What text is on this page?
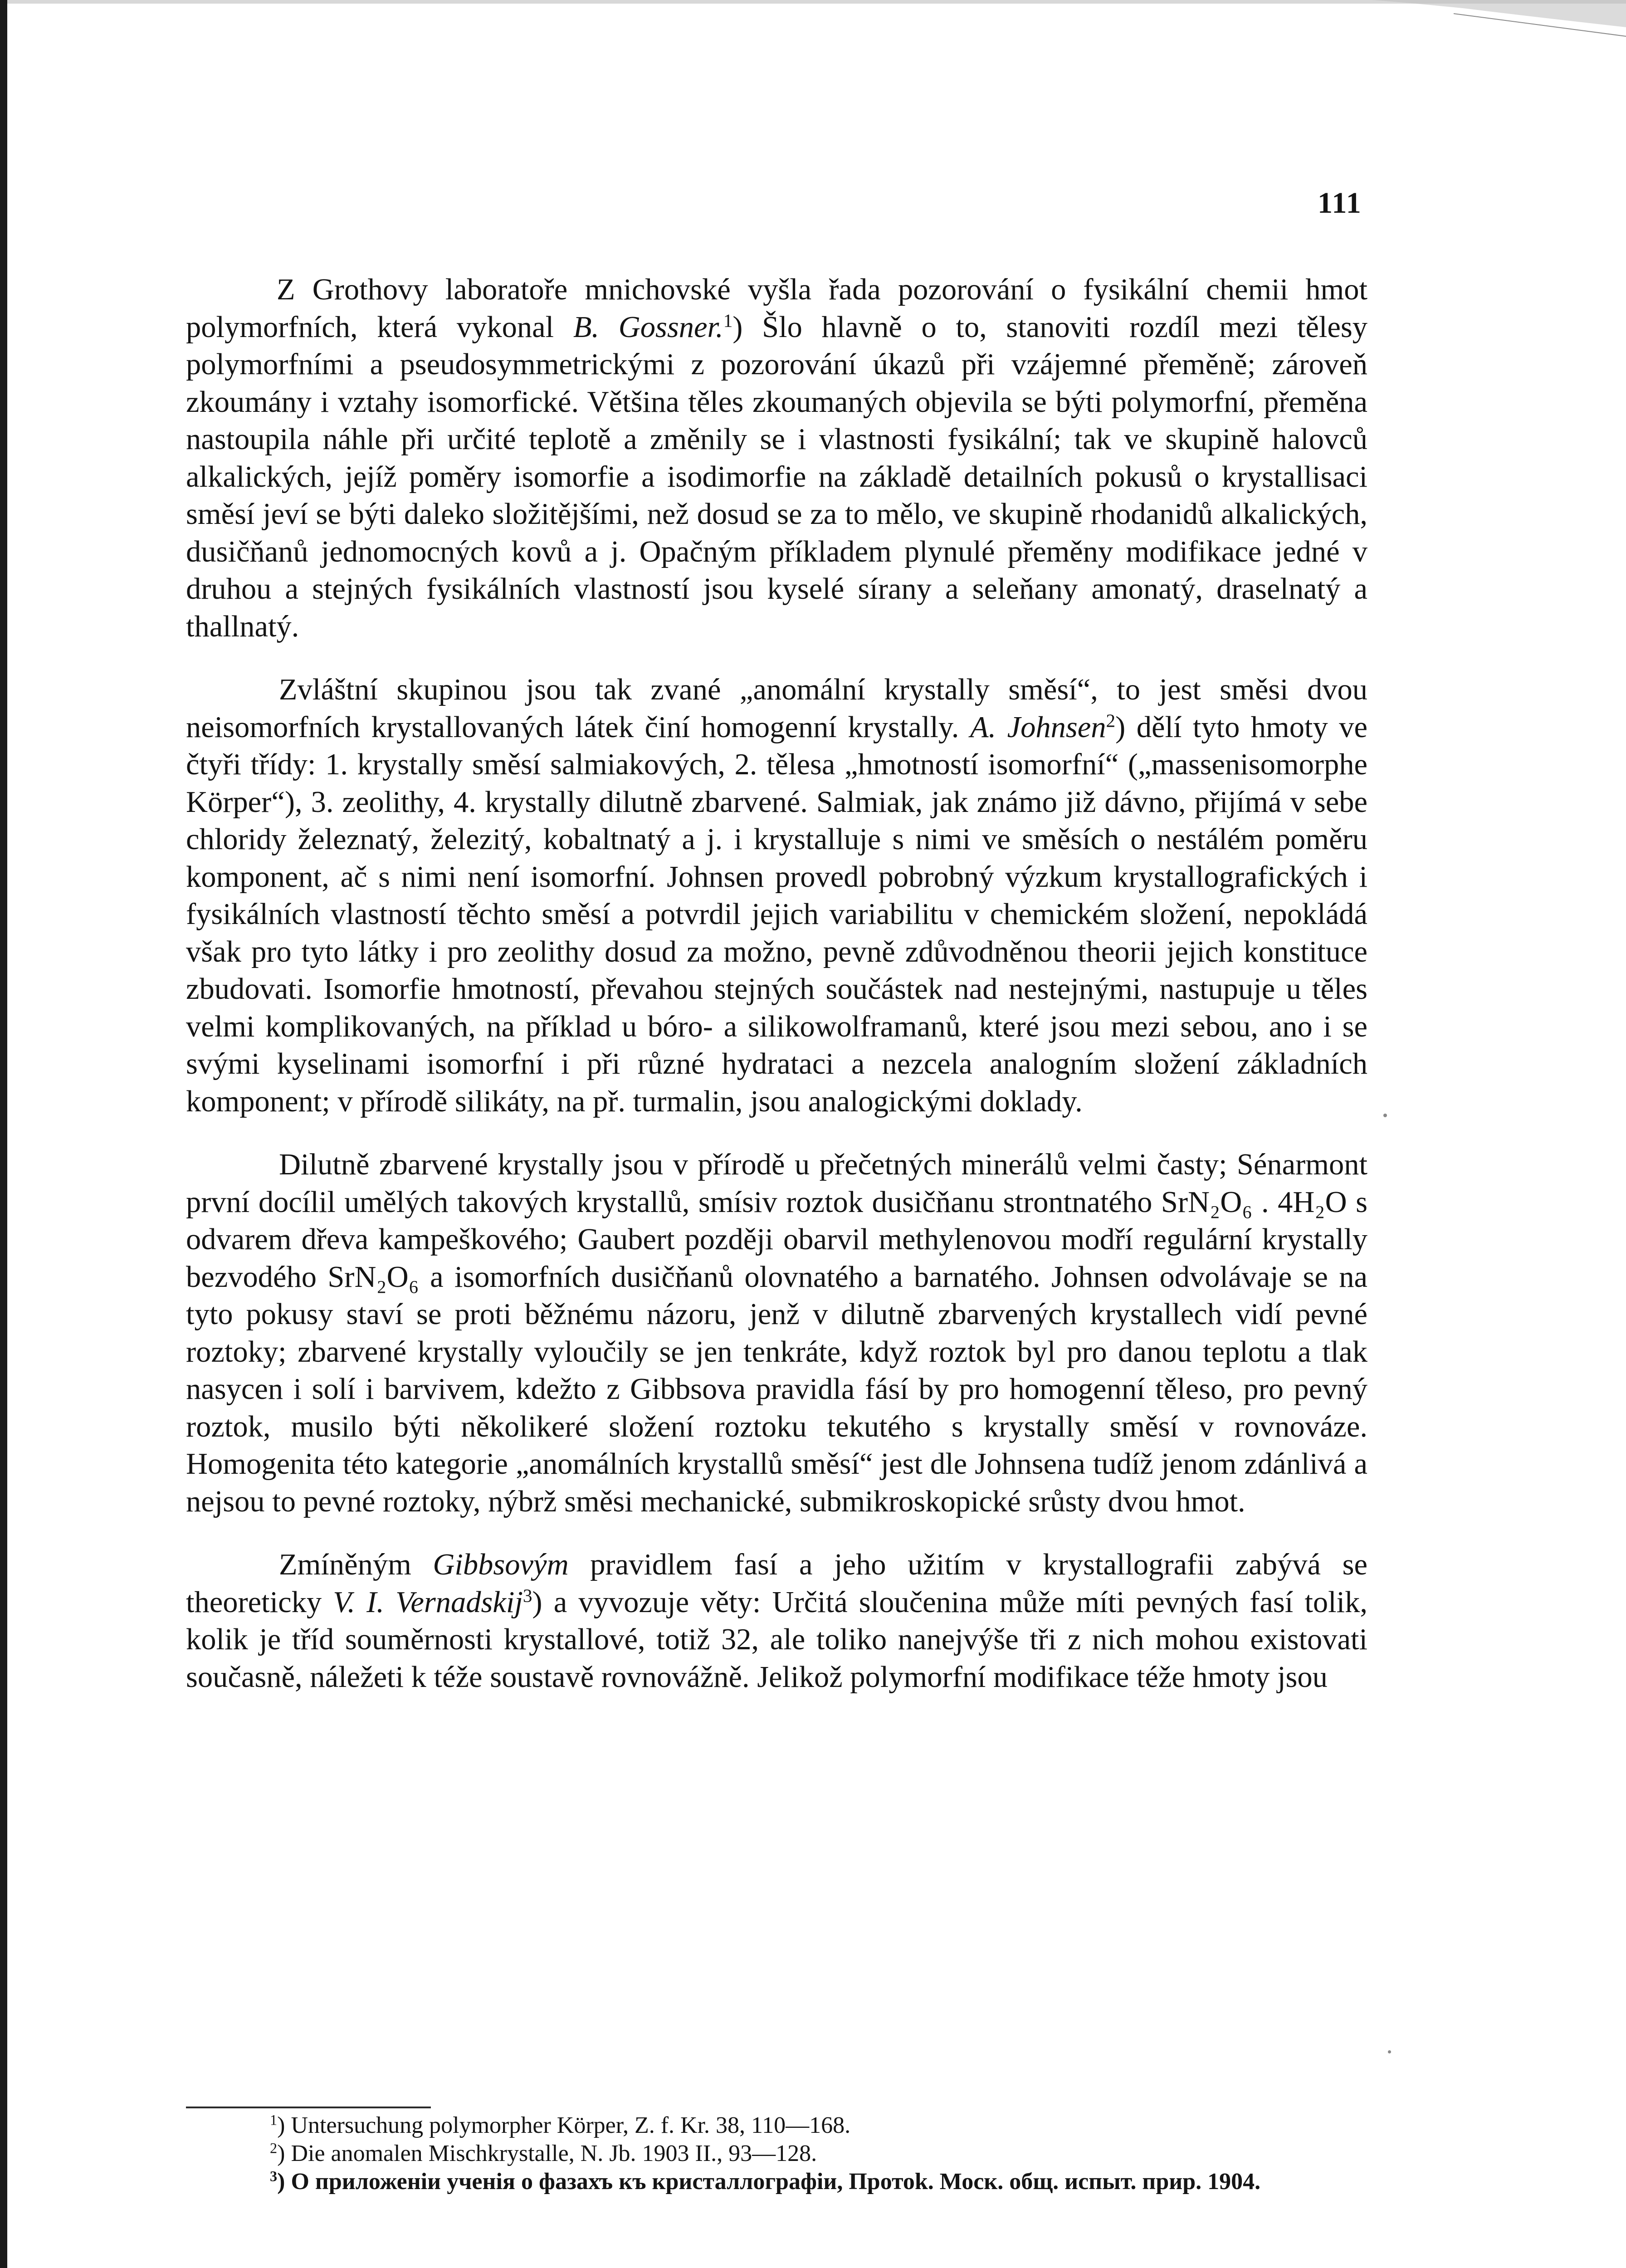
111

Z Grothovy laboratoře mnichovské vyšla řada pozorování o fysikální chemii hmot polymorfních, která vykonal B. Gossner.$^1$) Šlo hlavně o to, stanoviti rozdíl mezi tělesy polymorfními a pseudosymmetrickými z pozorování úkazů při vzájemné přeměně; zároveň zkoumány i vztahy isomorfické. Většina těles zkoumaných objevila se býti polymorfní, přeměna nastoupila náhle při určité teplotě a změnily se i vlastnosti fysikální; tak ve skupině halovců alkalických, jejíž poměry isomorfie a isodimorfie na základě detailních pokusů o krystallisaci směsí jeví se býti daleko složitějšími, než dosud se za to mělo, ve skupině rhodanidů alkalických, dusičňanů jednomocných kovů a j. Opačným příkladem plynulé přeměny modifikace jedné v druhou a stejných fysikálních vlastností jsou kyselé sírany a seleňany amonatý, draselnatý a thallnatý.

Zvláštní skupinou jsou tak zvané „anomální krystally směsí“, to jest směsi dvou neisomorfních krystallovaných látek činí homogenní krystally. A. Johnsen$^2$) dělí tyto hmoty ve čtyři třídy: 1. krystally směsí salmiakových, 2. tělesa „hmotností isomorfní“ („massenisomorphe Körper“), 3. zeolithy, 4. krystally dilutně zbarvené. Salmiak, jak známo již dávno, přijímá v sebe chloridy železnatý, železitý, kobaltnatý a j. i krystalluje s nimi ve směsích o nestálém poměru komponent, ač s nimi není isomorfní. Johnsen provedl pobrobný výzkum krystallografických i fysikálních vlastností těchto směsí a potvrdil jejich variabilitu v chemickém složení, nepokládá však pro tyto látky i pro zeolithy dosud za možno, pevně zdůvodněnou theorii jejich konstituce zbudovati. Isomorfie hmotností, převahou stejných součástek nad nestejnými, nastupuje u těles velmi komplikovaných, na příklad u bóro- a silikowolframanů, které jsou mezi sebou, ano i se svými kyselinami isomorfní i při různé hydrataci a nezcela analogním složení základních komponent; v přírodě silikáty, na př. turmalin, jsou analogickými doklady.

Dilutně zbarvené krystally jsou v přírodě u přečetných minerálů velmi časty; Sénarmont první docílil umělých takových krystallů, smísiv roztok dusičňanu strontnatého SrN₂O₆ . 4H₂O s odvarem dřeva kampeškového; Gaubert později obarvil methylenovou modří regulární krystally bezvodého SrN₂O₆ a isomorfních dusičňanů olovnatého a barnatého. Johnsen odvolávaje se na tyto pokusy staví se proti běžnému názoru, jenž v dilutně zbarvených krystallech vidí pevné roztoky; zbarvené krystally vyloučily se jen tenkráte, když roztok byl pro danou teplotu a tlak nasycen i solí i barvivem, kdežto z Gibbsova pravidla fásí by pro homogenní těleso, pro pevný roztok, musilo býti několikeré složení roztoku tekutého s krystally směsí v rovnováze. Homogenita této kategorie „anomálních krystallů směsí“ jest dle Johnsena tudíž jenom zdánlivá a nejsou to pevné roztoky, nýbrž směsi mechanické, submikroskopické srůsty dvou hmot.

Zmíněným Gibbsovým pravidlem fasí a jeho užitím v krystallografii zabývá se theoreticky V. I. Vernadskij$^3$) a vyvozuje věty: Určitá sloučenina může míti pevných fasí tolik, kolik je tříd souměrnosti krystallové, totiž 32, ale toliko nanejvýše tři z nich mohou existovati současně, náležeti k téže soustavě rovnovážně. Jelikož polymorfní modifikace téže hmoty jsou

$^1$) Untersuchung polymorpher Körper, Z. f. Kr. 38, 110—168.

$^2$) Die anomalen Mischkrystalle, N. Jb. 1903 II., 93—128.

$^3$) О приложеніи ученія о фазахъ къ кристаллографіи, Протоk. Моск. общ. испыт. прир. 1904.
